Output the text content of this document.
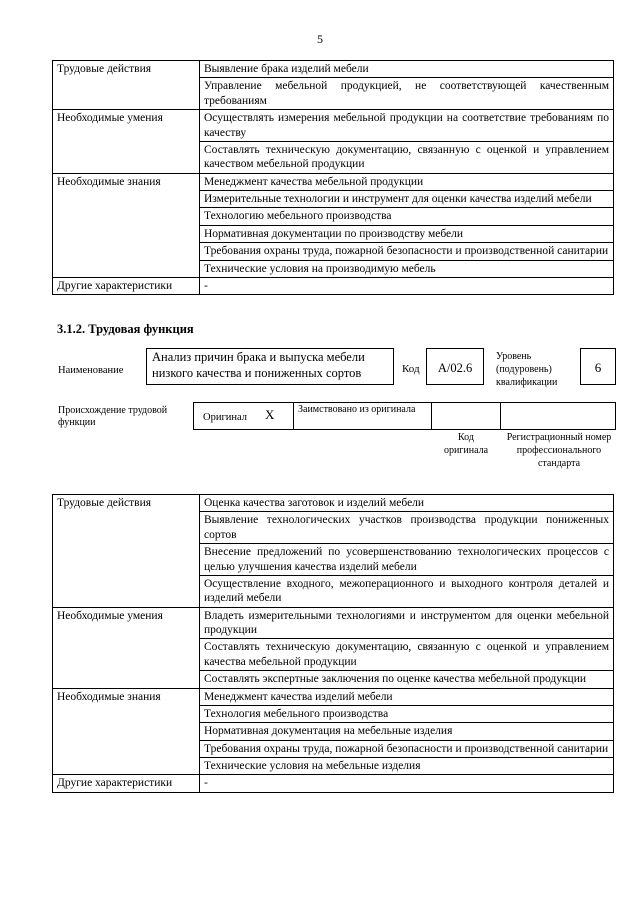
5
Трудовые действия	Выявление брака изделий мебели
	Управление мебельной продукцией, не соответствующей качественным требованиям
Необходимые умения	Осуществлять измерения мебельной продукции на соответствие требованиям по качеству
	Составлять техническую документацию, связанную с оценкой и управлением качеством мебельной продукции
Необходимые знания	Менеджмент качества мебельной продукции
	Измерительные технологии и инструмент для оценки качества изделий мебели
	Технологию мебельного производства
	Нормативная документации по производству мебели
	Требования охраны труда, пожарной безопасности и производственной санитарии
	Технические условия на производимую мебель
Другие характеристики	-
3.1.2. Трудовая функция
Наименование
Анализ причин брака и выпуска мебели низкого качества и пониженных сортов	Код	A/02.6
Уровень (подуровень) квалификации
6
Происхождение трудовой функции	Оригинал X Заимствовано из оригинала
Код оригинала
Регистрационный номер профессионального стандарта
Трудовые действия	Оценка качества заготовок и изделий мебели
	Выявление технологических участков производства продукции пониженных сортов
	Внесение предложений по усовершенствованию технологических процессов с целью улучшения качества изделий мебели
	Осуществление входного, межоперационного и выходного контроля деталей и изделий мебели
Необходимые умения	Владеть измерительными технологиями и инструментом для оценки мебельной продукции
	Составлять техническую документацию, связанную с оценкой и управлением качества мебельной продукции
	Составлять экспертные заключения по оценке качества мебельной продукции
Необходимые знания	Менеджмент качества изделий мебели
	Технология мебельного производства
	Нормативная документация на мебельные изделия
	Требования охраны труда, пожарной безопасности и производственной санитарии
	Технические условия на мебельные изделия
Другие характеристики	-
